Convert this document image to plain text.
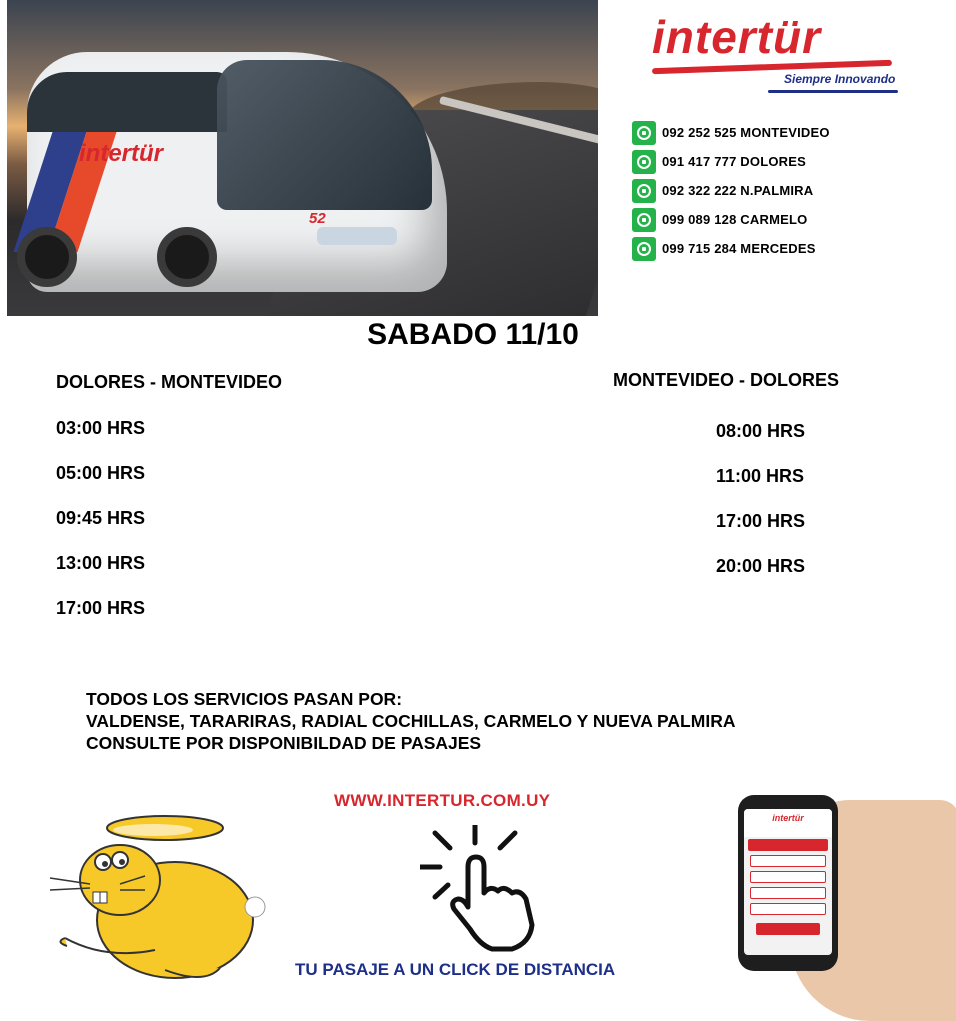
intertür
52
intertür
Siempre Innovando
092 252 525 MONTEVIDEO
091 417 777 DOLORES
092 322 222 N.PALMIRA
099 089 128 CARMELO
099 715 284 MERCEDES
SABADO 11/10
DOLORES - MONTEVIDEO
03:00 HRS
05:00 HRS
09:45 HRS
13:00 HRS
17:00 HRS
MONTEVIDEO - DOLORES
08:00 HRS
11:00 HRS
17:00 HRS
20:00 HRS
TODOS LOS SERVICIOS PASAN POR:
VALDENSE, TARARIRAS, RADIAL COCHILLAS, CARMELO Y NUEVA PALMIRA
CONSULTE POR DISPONIBILDAD DE PASAJES
WWW.INTERTUR.COM.UY
TU PASAJE A UN CLICK DE DISTANCIA
intertür
